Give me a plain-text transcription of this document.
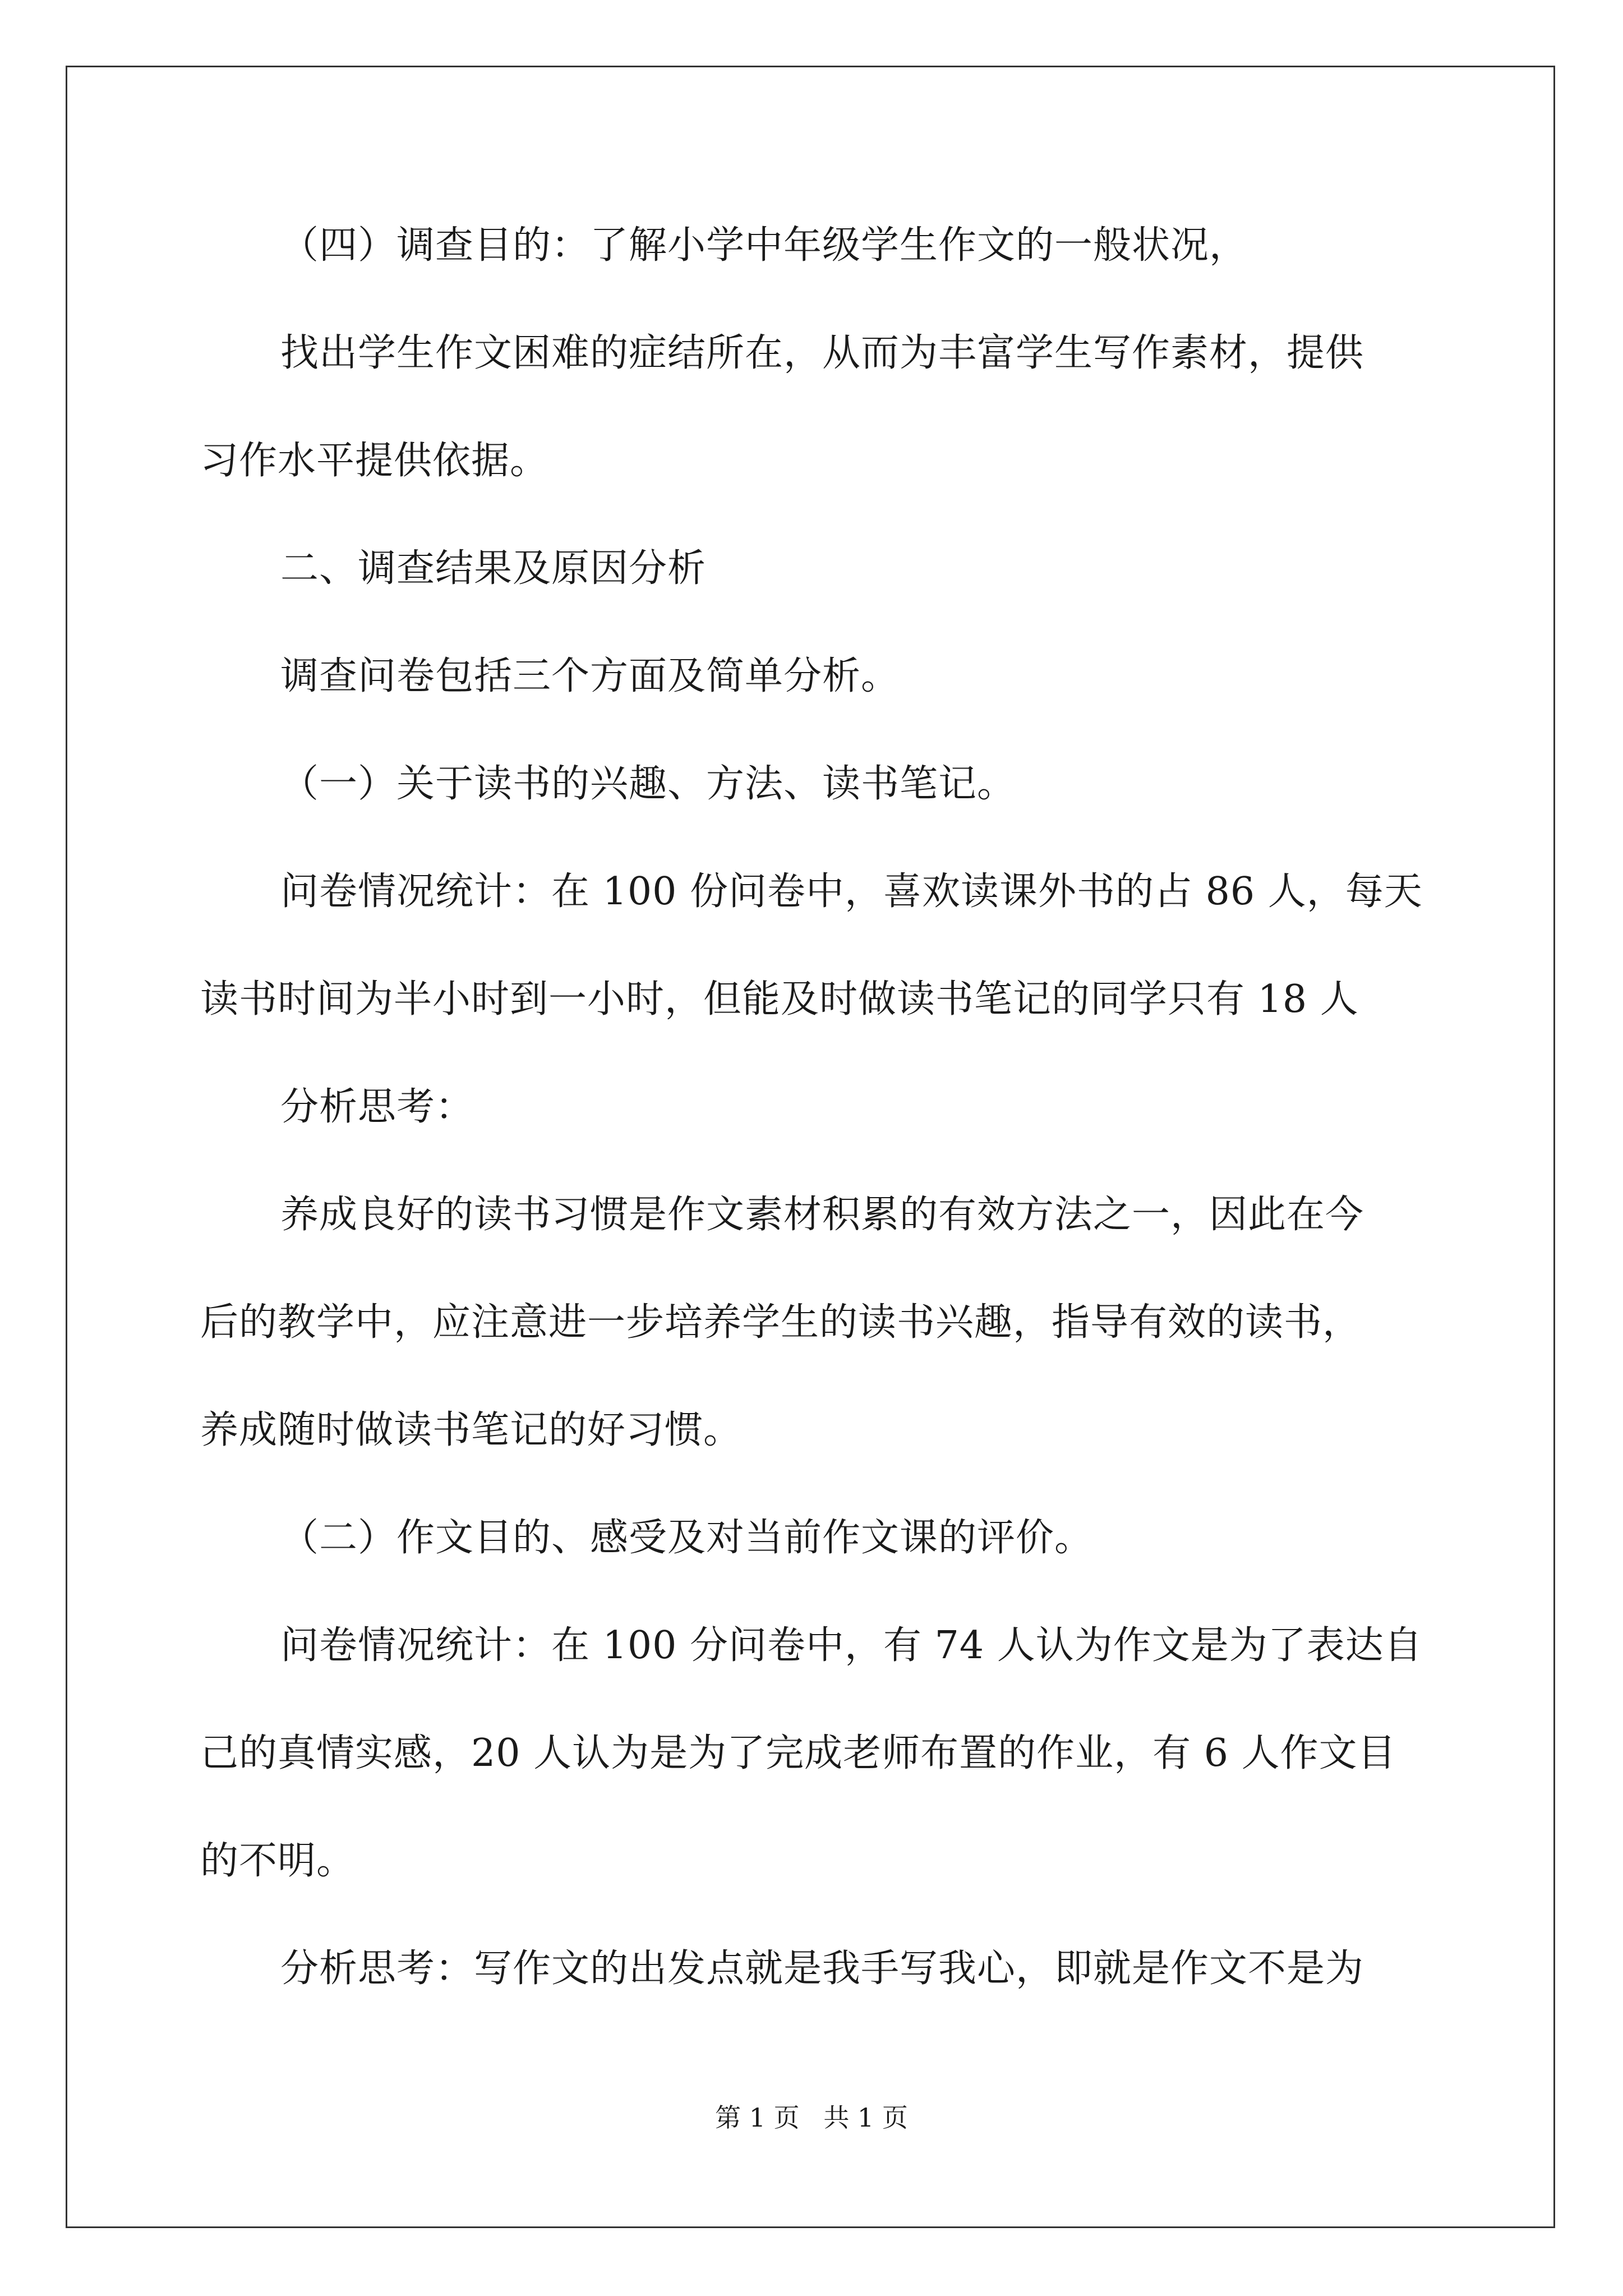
（四）调查目的：了解小学中年级学生作文的一般状况，
找出学生作文困难的症结所在，从而为丰富学生写作素材，提供
习作水平提供依据。
二、调查结果及原因分析
调查问卷包括三个方面及简单分析。
（一）关于读书的兴趣、方法、读书笔记。
问卷情况统计：在 100 份问卷中，喜欢读课外书的占 86 人，每天
读书时间为半小时到一小时，但能及时做读书笔记的同学只有 18 人
分析思考：
养成良好的读书习惯是作文素材积累的有效方法之一，因此在今
后的教学中，应注意进一步培养学生的读书兴趣，指导有效的读书，
养成随时做读书笔记的好习惯。
（二）作文目的、感受及对当前作文课的评价。
问卷情况统计：在 100 分问卷中，有 74 人认为作文是为了表达自
己的真情实感，20 人认为是为了完成老师布置的作业，有 6 人作文目
的不明。
分析思考：写作文的出发点就是我手写我心，即就是作文不是为
第 1 页 共 1 页
